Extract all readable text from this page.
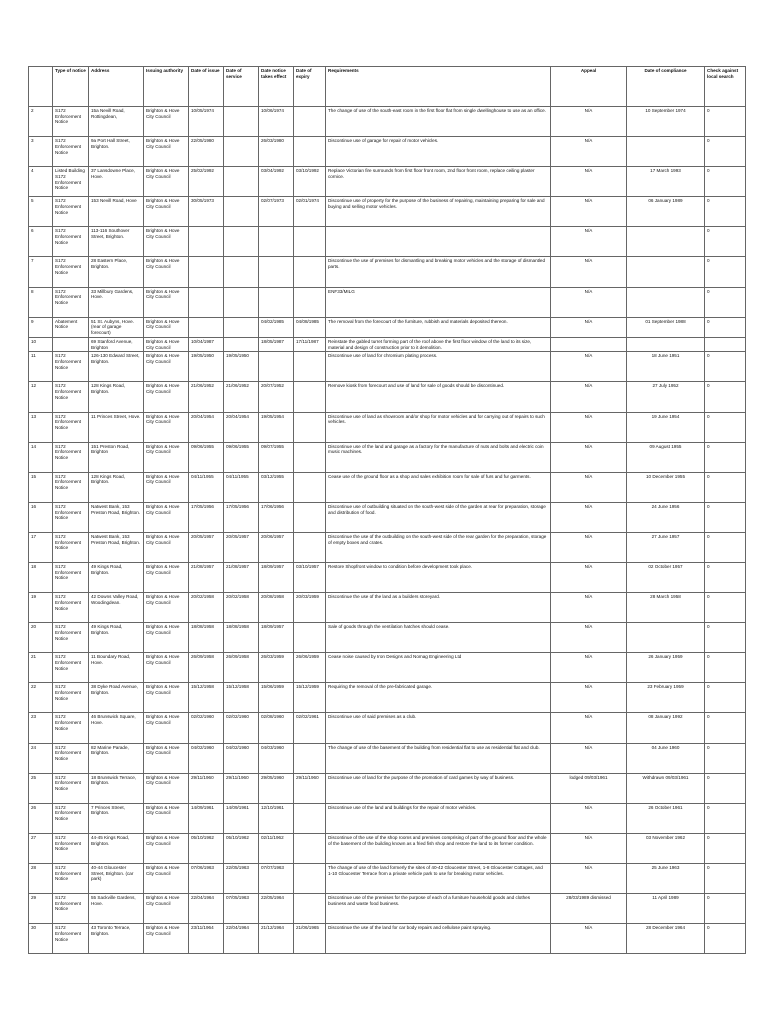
	Type of notice	Address	Issuing authority	Date of issue	Date of service	Date notice takes effect	Date of expiry	Requirements	Appeal	Date of compliance	Check against local search
2	S172 Enforcement Notice	15a Nevill Road, Rottingdean,	Brighton & Hove City Council	10/05/1974		10/06/1974		The change of use of the south-east room in the first floor flat from single dwellinghouse to use as an office.	N/A	10 September 1974	0
3	S172 Enforcement Notice	9a Port Hall Street, Brighton.	Brighton & Hove City Council	22/05/1980		26/03/1980		Discontinue use of garage for repair of motor vehicles.	N/A		0
4	Listed Building S172 Enforcement Notice	37 Lansdowne Place, Hove.	Brighton & Hove City Council	25/02/1992		03/04/1992	03/10/1992	Replace Victorian fire surrounds from first floor front room, 2nd floor front room, replace ceiling plaster cornice.	N/A	17 March 1993	0
5	S172 Enforcement Notice	153 Nevill Road, Hove	Brighton & Hove City Council	30/05/1973		02/07/1973	02/01/1974	Discontinue use of property for the purpose of the business of repairing, maintaining preparing for sale and buying and selling motor vehicles.	N/A	06 January 1989	0
6	S172 Enforcement Notice	113-116 Southover Street, Brighton.	Brighton & Hove City Council						N/A		0
7	S172 Enforcement Notice	28 Eastern Place, Brighton.	Brighton & Hove City Council					Discontinue the use of premises for dismantling and breaking motor vehicles and the storage of dismantled parts.	N/A		0
8	S172 Enforcement Notice	33 Millbury Gardens, Hove.	Brighton & Hove City Council					ENF33/MILG	N/A		0
9	Abatement Notice	51 St. Aubyns, Hove. (rear of garage forecourt)	Brighton & Hove City Council			04/02/1985	04/08/1985	The removal from the forecourt of the furniture, rubbish and materials deposited thereon.	N/A	01 September 1988	0
10		69 Stanford Avenue, Brighton	Brighton & Hove City Council	10/04/1987		18/05/1987	17/11/1987	Reinstate the gabled turret forming part of the roof above the first floor window of the land to its size, material and design of construction prior to it demolition.			
11	S172 Enforcement Notice	126-130 Edward Street, Brighton.	Brighton & Hove City Council	19/05/1950	19/05/1950			Discontinue use of land for chromium plating process.	N/A	18 June 1951	0
12	S172 Enforcement Notice	128 Kings Road, Brighton.	Brighton & Hove City Council	21/06/1952	21/06/1952	20/07/1952		Remove kiosk from forecourt and use of land for sale of goods should be discontinued.	N/A	27 July 1952	0
13	S172 Enforcement Notice	11 Princes Street, Hove.	Brighton & Hove City Council	20/04/1954	20/04/1954	19/05/1954		Discontinue use of land as showroom and/or shop for motor vehicles and for carrying out of repairs to such vehicles.	N/A	19 June 1954	0
14	S172 Enforcement Notice	151 Preston Road, Brighton	Brighton & Hove City Council	09/06/1955	09/06/1955	09/07/1955		Discontinue use of the land and garage as a factory for the manufacture of nuts and bolts and electric coin music machines.	N/A	09 August 1955	0
15	S172 Enforcement Notice	128 Kings Road, Brighton.	Brighton & Hove City Council	04/11/1955	04/11/1955	03/12/1955		Cease use of the ground floor as a shop and sales exhibition room for sale of furs and fur garments.	N/A	10 December 1955	0
16	S172 Enforcement Notice	Natwest Bank, 153 Preston Road, Brighton.	Brighton & Hove City Council	17/05/1956	17/05/1956	17/06/1956		Discontinue use of outbuilding situated on the south-west side of the garden at rear for preparation, storage and distribution of food.	N/A	24 June 1956	0
17	S172 Enforcement Notice	Natwest Bank, 153 Preston Road, Brighton.	Brighton & Hove City Council	20/05/1957	20/05/1957	20/06/1957		Discontinue the use of the outbuilding on the south-west side of the rear garden for the preparation, storage of empty boxes and crates.	N/A	27 June 1957	0
18	S172 Enforcement Notice	49 Kings Road, Brighton.	Brighton & Hove City Council	21/08/1957	21/08/1957	18/09/1957	03/10/1957	Restore Shopfront window to condition before development took place.	N/A	02 October 1957	0
19	S172 Enforcement Notice	42 Downs Valley Road, Woodingdean.	Brighton & Hove City Council	20/02/1958	20/02/1958	20/08/1958	20/03/1959	Discontinue the use of the land as a builders storeyard.	N/A	28 March 1958	0
20	S172 Enforcement Notice	49 Kings Road, Brighton.	Brighton & Hove City Council	18/08/1958	18/08/1958	18/09/1957		Sale of goods through the ventilation hatches should cease.	N/A		0
21	S172 Enforcement Notice	11 Boundary Road, Hove.	Brighton & Hove City Council	26/09/1958	26/09/1958	26/03/1959	26/06/1959	Cease noise caused by Iron Designs and Nomag Engineering Ltd	N/A	26 January 1959	0
22	S172 Enforcement Notice	38 Dyke Road Avenue, Brighton.	Brighton & Hove City Council	15/12/1958	15/12/1958	15/06/1959	15/12/1959	Requiring the removal of the pre-fabricated garage.	N/A	23 February 1959	0
23	S172 Enforcement Notice	46 Brunswick Square, Hove.	Brighton & Hove City Council	02/02/1960	02/02/1960	02/08/1960	02/02/1961	Discontinue use of said premises as a club.	N/A	08 January 1992	0
24	S172 Enforcement Notice	82 Marine Parade, Brighton.	Brighton & Hove City Council	04/02/1960	04/02/1960	04/03/1960		The change of use of the basement of the building from residential flat to use as residential flat and club.	N/A	04 June 1960	0
25	S172 Enforcement Notice	18 Brunswick Terrace, Brighton.	Brighton & Hove City Council	29/11/1960	29/11/1960	29/05/1960	29/11/1960	Discontinue use of land for the purpose of the promotion of card games by way of business.	lodged 09/03/1961	Withdrawn 09/03/1961	0
26	S172 Enforcement Notice	7 Princes Street, Brighton.	Brighton & Hove City Council	14/09/1961	14/09/1961	12/10/1961		Discontinue use of the land and buildings for the repair of motor vehicles.	N/A	26 October 1961	0
27	S172 Enforcement Notice	44-45 Kings Road, Brighton.	Brighton & Hove City Council	05/10/1962	05/10/1962	02/11/1962		Discontinue of the use of the shop rooms and premises comprising of part of the ground floor and the whole of the basement of the building known as a fried fish shop and restore the land to its former condition.	N/A	03 November 1962	0
28	S172 Enforcement Notice	40-44 Gloucester Street, Brighton. (car park)	Brighton & Hove City Council	07/06/1963	22/05/1963	07/07/1963		The change of use of the land formerly the sites of 40-42 Gloucester Street, 1-8 Gloucester Cottages, and 1-10 Gloucester Terrace from a private vehicle park to use for breaking motor vehicles.	N/A	25 June 1963	0
29	S172 Enforcement Notice	55 Sackville Gardens, Hove.	Brighton & Hove City Council	22/04/1964	07/05/1963	22/05/1964		Discontinue use of the premises for the purpose of each of a furniture household goods and clothes business and waste food business.	28/03/1989 dismissed	11 April 1989	0
30	S172 Enforcement Notice	43 Toronto Terrace, Brighton.	Brighton & Hove City Council	23/11/1964	22/04/1964	21/12/1964	21/06/1965	Discontinue the use of the land for car body repairs and cellulose paint spraying.	N/A	28 December 1964	0
